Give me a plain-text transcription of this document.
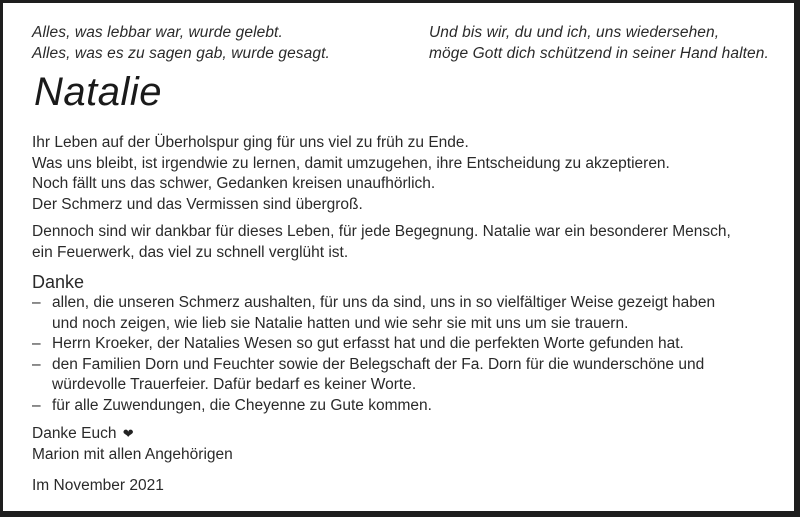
Alles, was lebbar war, wurde gelebt.
Alles, was es zu sagen gab, wurde gesagt.
Und bis wir, du und ich, uns wiedersehen,
möge Gott dich schützend in seiner Hand halten.
Natalie
Ihr Leben auf der Überholspur ging für uns viel zu früh zu Ende.
Was uns bleibt, ist irgendwie zu lernen, damit umzugehen, ihre Entscheidung zu akzeptieren.
Noch fällt uns das schwer, Gedanken kreisen unaufhörlich.
Der Schmerz und das Vermissen sind übergroß.
Dennoch sind wir dankbar für dieses Leben, für jede Begegnung. Natalie war ein besonderer Mensch,
ein Feuerwerk, das viel zu schnell verglüht ist.
Danke
– allen, die unseren Schmerz aushalten, für uns da sind, uns in so vielfältiger Weise gezeigt haben
und noch zeigen, wie lieb sie Natalie hatten und wie sehr sie mit uns um sie trauern.
– Herrn Kroeker, der Natalies Wesen so gut erfasst hat und die perfekten Worte gefunden hat.
– den Familien Dorn und Feuchter sowie der Belegschaft der Fa. Dorn für die wunderschöne und
würdevolle Trauerfeier. Dafür bedarf es keiner Worte.
– für alle Zuwendungen, die Cheyenne zu Gute kommen.
Danke Euch ❤
Marion mit allen Angehörigen
Im November 2021
